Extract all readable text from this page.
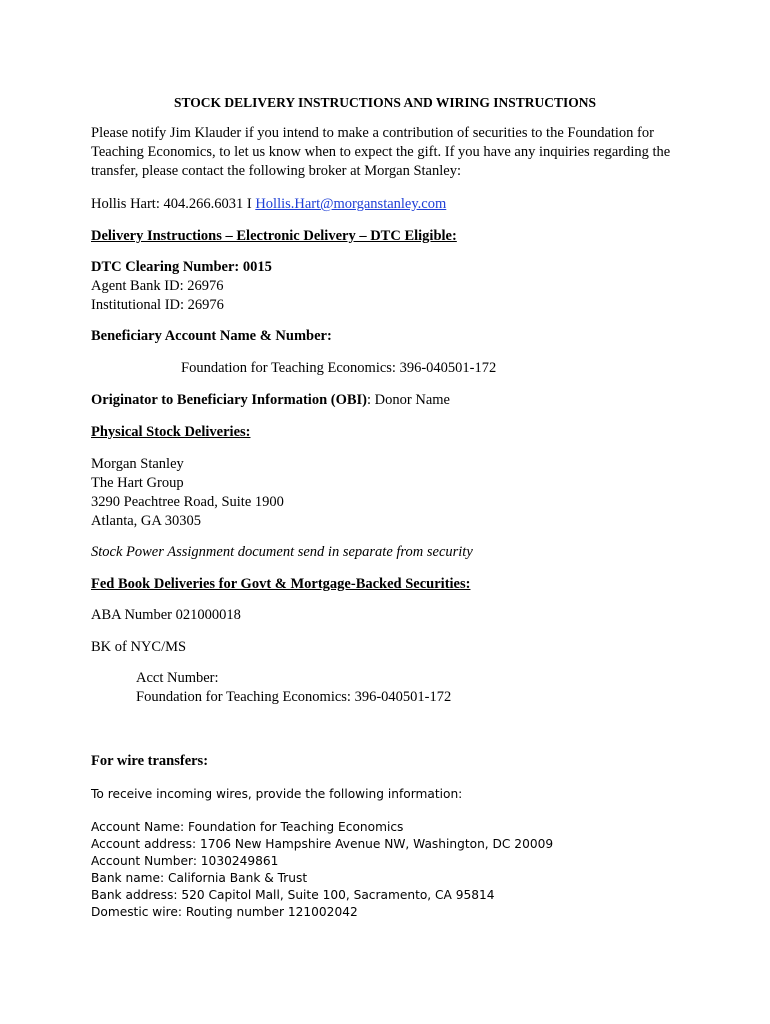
STOCK DELIVERY INSTRUCTIONS AND WIRING INSTRUCTIONS
Please notify Jim Klauder if you intend to make a contribution of securities to the Foundation for
Teaching Economics, to let us know when to expect the gift. If you have any inquiries regarding the
transfer, please contact the following broker at Morgan Stanley:
Hollis Hart: 404.266.6031 I Hollis.Hart@morganstanley.com
Delivery Instructions – Electronic Delivery – DTC Eligible:
DTC Clearing Number: 0015
Agent Bank ID: 26976
Institutional ID: 26976
Beneficiary Account Name & Number:
Foundation for Teaching Economics: 396-040501-172
Originator to Beneficiary Information (OBI): Donor Name
Physical Stock Deliveries:
Morgan Stanley
The Hart Group
3290 Peachtree Road, Suite 1900
Atlanta, GA 30305
Stock Power Assignment document send in separate from security
Fed Book Deliveries for Govt & Mortgage-Backed Securities:
ABA Number 021000018
BK of NYC/MS
Acct Number:
Foundation for Teaching Economics: 396-040501-172
For wire transfers:
To receive incoming wires, provide the following information:
Account Name: Foundation for Teaching Economics
Account address: 1706 New Hampshire Avenue NW, Washington, DC 20009
Account Number: 1030249861
Bank name: California Bank & Trust
Bank address: 520 Capitol Mall, Suite 100, Sacramento, CA 95814
Domestic wire: Routing number 121002042
